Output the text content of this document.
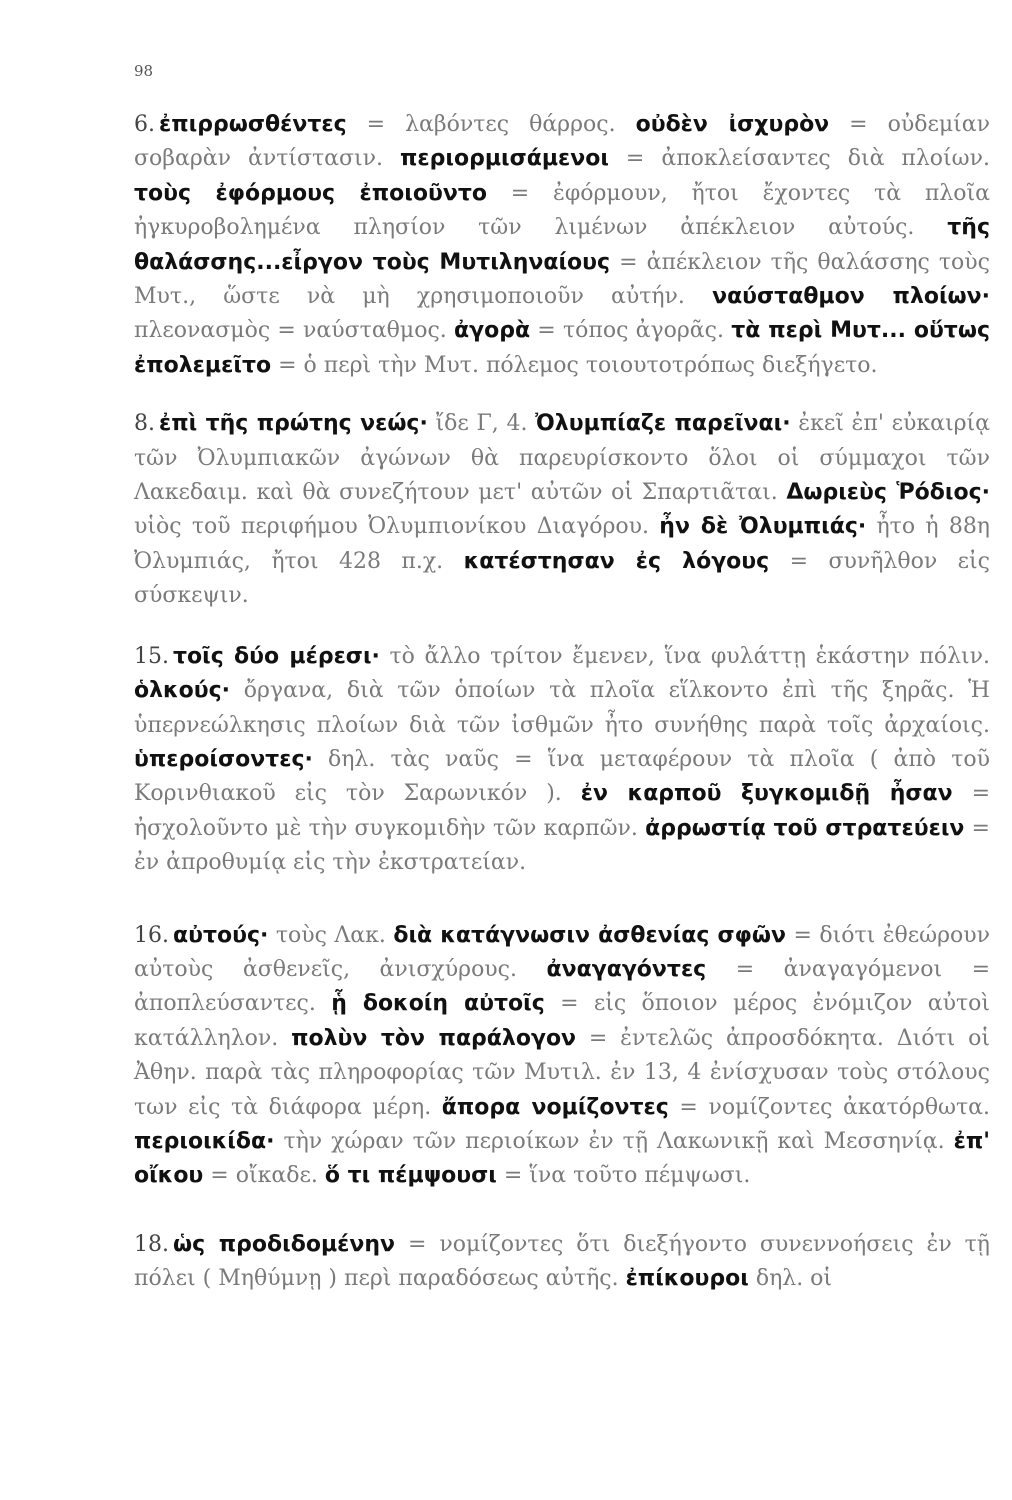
98

6. ἐπιρρωσθέντες = λαβόντες θάρρος. οὐδὲν ἰσχυρὸν = οὐδεμίαν σοβαρὰν ἀντίστασιν. περιορμισάμενοι = ἀποκλείσαντες διὰ πλοίων. τοὺς ἐφόρμους ἐποιοῦντο = ἐφόρμουν, ἤτοι ἔχοντες τὰ πλοῖα ἠγκυροβολημένα πλησίον τῶν λιμένων ἀπέκλειον αὐτούς. τῆς θαλάσσης...εἶργον τοὺς Μυτιληναίους = ἀπέκλειον τῆς θαλάσσης τοὺς Μυτ., ὥστε νὰ μὴ χρησιμοποιοῦν αὐτήν. ναύσταθμον πλοίων· πλεονασμὸς = ναύσταθμος. ἀγορὰ = τόπος ἀγορᾶς. τὰ περὶ Μυτ... οὕτως ἐπολεμεῖτο = ὁ περὶ τὴν Μυτ. πόλεμος τοιουτοτρόπως διεξήγετο.

8. ἐπὶ τῆς πρώτης νεώς· ἴδε Γ, 4. Ὀλυμπίαζε παρεῖναι· ἐκεῖ ἐπ' εὐκαιρίᾳ τῶν Ὀλυμπιακῶν ἀγώνων θὰ παρευρίσκοντο ὅλοι οἱ σύμμαχοι τῶν Λακεδαιμ. καὶ θὰ συνεζήτουν μετ' αὐτῶν οἱ Σπαρτιᾶται. Δωριεὺς Ῥόδιος· υἱὸς τοῦ περιφήμου Ὀλυμπιονίκου Διαγόρου. ἦν δὲ Ὀλυμπιάς· ἦτο ἡ 88η Ὀλυμπιάς, ἤτοι 428 π.χ. κατέστησαν ἐς λόγους = συνῆλθον εἰς σύσκεψιν.

15. τοῖς δύο μέρεσι· τὸ ἄλλο τρίτον ἔμενεν, ἵνα φυλάττῃ ἑκάστην πόλιν. ὁλκούς· ὄργανα, διὰ τῶν ὁποίων τὰ πλοῖα εἵλκοντο ἐπὶ τῆς ξηρᾶς. Ἡ ὑπερνεώλκησις πλοίων διὰ τῶν ἰσθμῶν ἦτο συνήθης παρὰ τοῖς ἀρχαίοις. ὑπεροίσοντες· δηλ. τὰς ναῦς = ἵνα μεταφέρουν τὰ πλοῖα ( ἀπὸ τοῦ Κορινθιακοῦ εἰς τὸν Σαρωνικόν ). ἐν καρποῦ ξυγκομιδῇ ἦσαν = ἠσχολοῦντο μὲ τὴν συγκομιδὴν τῶν καρπῶν. ἀρρωστίᾳ τοῦ στρατεύειν = ἐν ἀπροθυμίᾳ εἰς τὴν ἐκστρατείαν.

16. αὐτούς· τοὺς Λακ. διὰ κατάγνωσιν ἀσθενίας σφῶν = διότι ἐθεώρουν αὐτοὺς ἀσθενεῖς, ἀνισχύρους. ἀναγαγόντες = ἀναγαγόμενοι = ἀποπλεύσαντες. ᾗ δοκοίη αὐτοῖς = εἰς ὅποιον μέρος ἐνόμιζον αὐτοὶ κατάλληλον. πολὺν τὸν παράλογον = ἐντελῶς ἀπροσδόκητα. Διότι οἱ Ἀθην. παρὰ τὰς πληροφορίας τῶν Μυτιλ. ἐν 13, 4 ἐνίσχυσαν τοὺς στόλους των εἰς τὰ διάφορα μέρη. ἄπορα νομίζοντες = νομίζοντες ἀκατόρθωτα. περιοικίδα· τὴν χώραν τῶν περιοίκων ἐν τῇ Λακωνικῇ καὶ Μεσσηνίᾳ. ἐπ' οἴκου = οἴκαδε. ὅ τι πέμψουσι = ἵνα τοῦτο πέμψωσι.

18. ὡς προδιδομένην = νομίζοντες ὅτι διεξήγοντο συνεννοήσεις ἐν τῇ πόλει ( Μηθύμνῃ ) περὶ παραδόσεως αὐτῆς. ἐπίκουροι δηλ. οἱ
